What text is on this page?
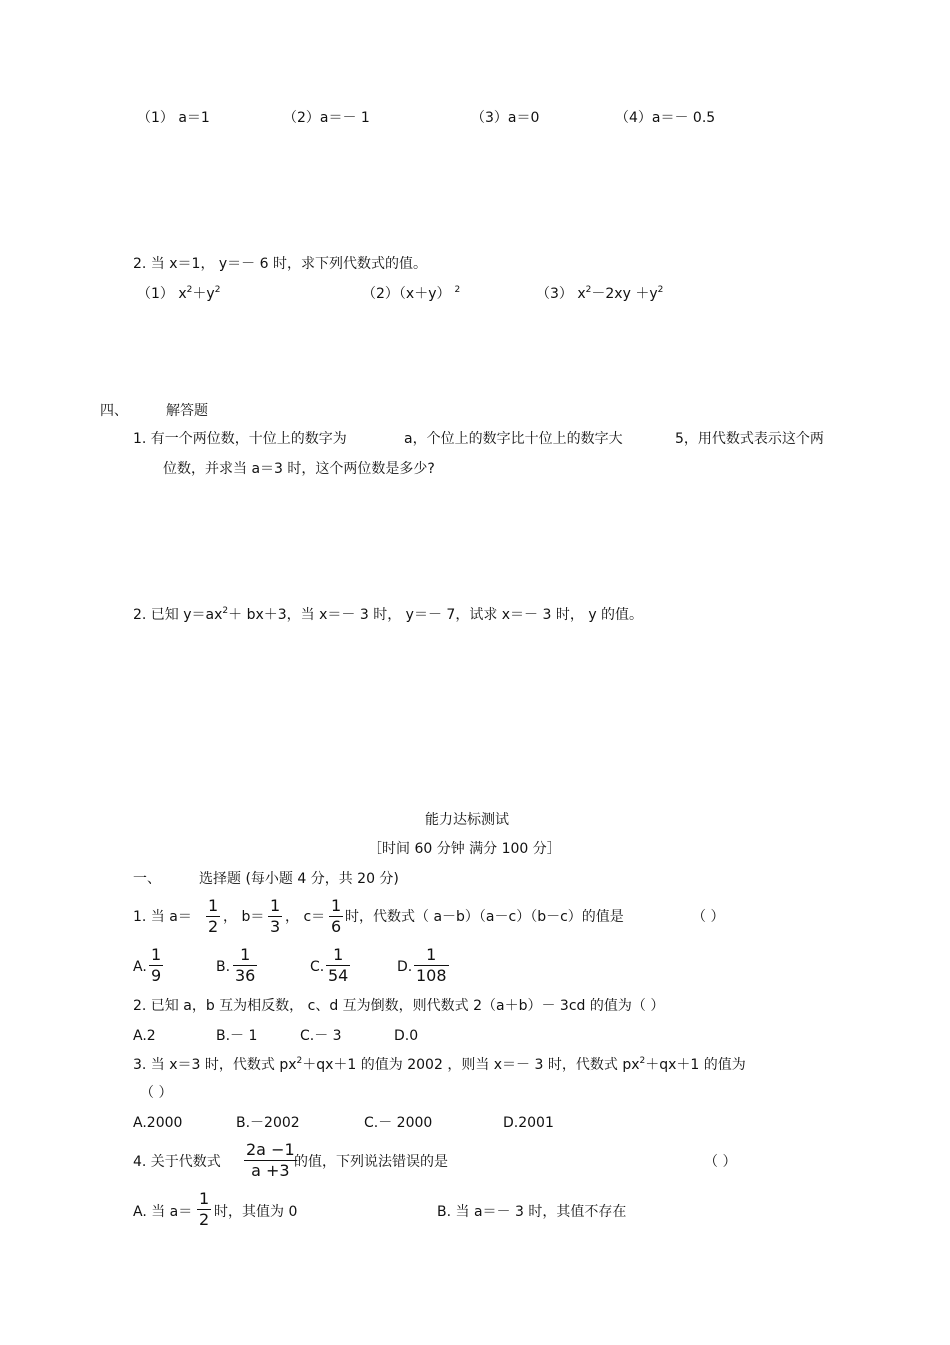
（1） a＝1	（2）a＝－ 1	（3）a＝0	（4）a＝－ 0.5
2. 当 x＝1， y＝－ 6 时，求下列代数式的值。
（1） $x^2+y^2$	（2）（x＋y） $^2$	（3） $x^2-2xy +y^2$
四、	解答题
1. 有一个两位数，十位上的数字为	a，个位上的数字比十位上的数字大	5，用代数式表示这个两
位数，并求当 a＝3 时，这个两位数是多少?
2. 已知 $y=ax^2+ bx+3$，当 x＝－ 3 时， y＝－ 7，试求 x＝－ 3 时， y 的值。
能力达标测试
［时间 60 分钟 满分 100 分］
一、	选择题 (每小题 4 分，共 20 分)
1. 当 a＝
1
2 ， b＝
1
3 ， c＝
1
6 时，代数式（ a－b）（a－c）（b－c）的值是	（ ）
A.
1
9	B.
1
36	C.
1
54	D.
1
108
2. 已知 a，b 互为相反数， c、d 互为倒数，则代数式 2（a＋b）－ 3cd 的值为（ ）
A.2	B.－ 1	C.－ 3	D.0
3. 当 x＝3 时，代数式 $px^2+qx+1$ 的值为 2002 ，则当 x＝－ 3 时，代数式 $px^2+qx+1$ 的值为
（ ）
A.2000	B.－2002	C.－ 2000	D.2001
4. 关于代数式
2a −1
a +3 的值，下列说法错误的是	（ ）
A. 当 a＝
1
2 时，其值为 0	B. 当 a＝－ 3 时，其值不存在
